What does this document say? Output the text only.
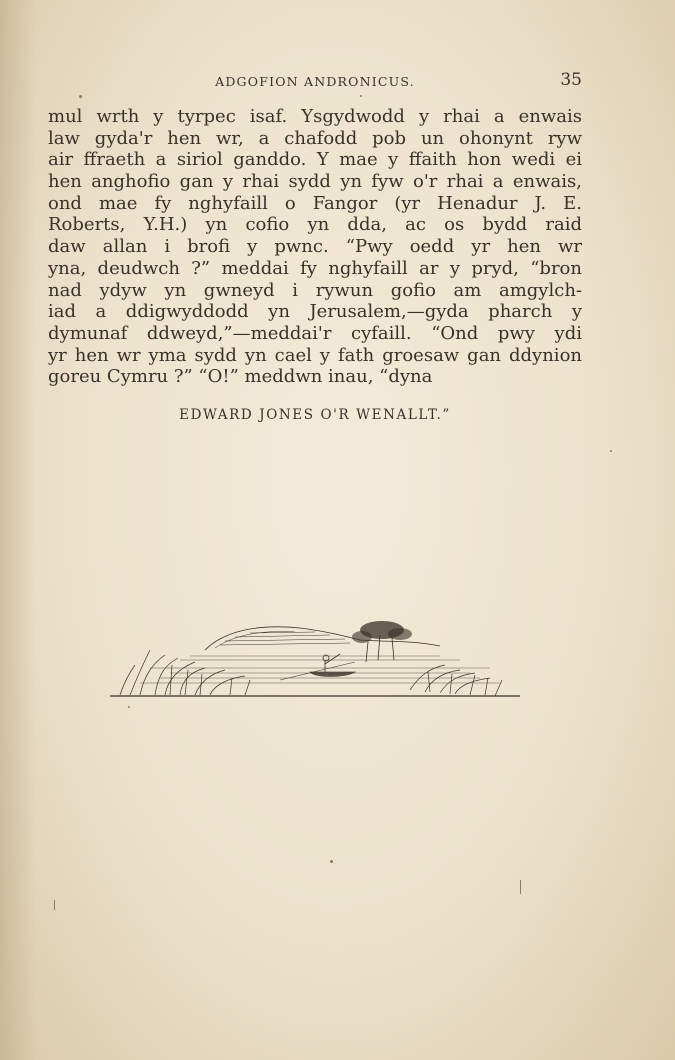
ADGOFION ANDRONICUS.	35
mul wrth y tyrpec isaf. Ysgydwodd y rhai a enwais
law gyda'r hen wr, a chafodd pob un ohonynt ryw
air ffraeth a siriol ganddo. Y mae y ffaith hon wedi ei
hen anghofio gan y rhai sydd yn fyw o'r rhai a enwais,
ond mae fy nghyfaill o Fangor (yr Henadur J. E.
Roberts, Y.H.) yn cofio yn dda, ac os bydd raid
daw allan i brofi y pwnc. “Pwy oedd yr hen wr
yna, deudwch ?” meddai fy nghyfaill ar y pryd, “bron
nad ydyw yn gwneyd i rywun gofio am amgylch-
iad a ddigwyddodd yn Jerusalem,—gyda pharch y
dymunaf ddweyd,”—meddai'r cyfaill. “Ond pwy ydi
yr hen wr yma sydd yn cael y fath groesaw gan ddynion
goreu Cymru ?” “O!” meddwn inau, “dyna
EDWARD JONES O'R WENALLT.”
